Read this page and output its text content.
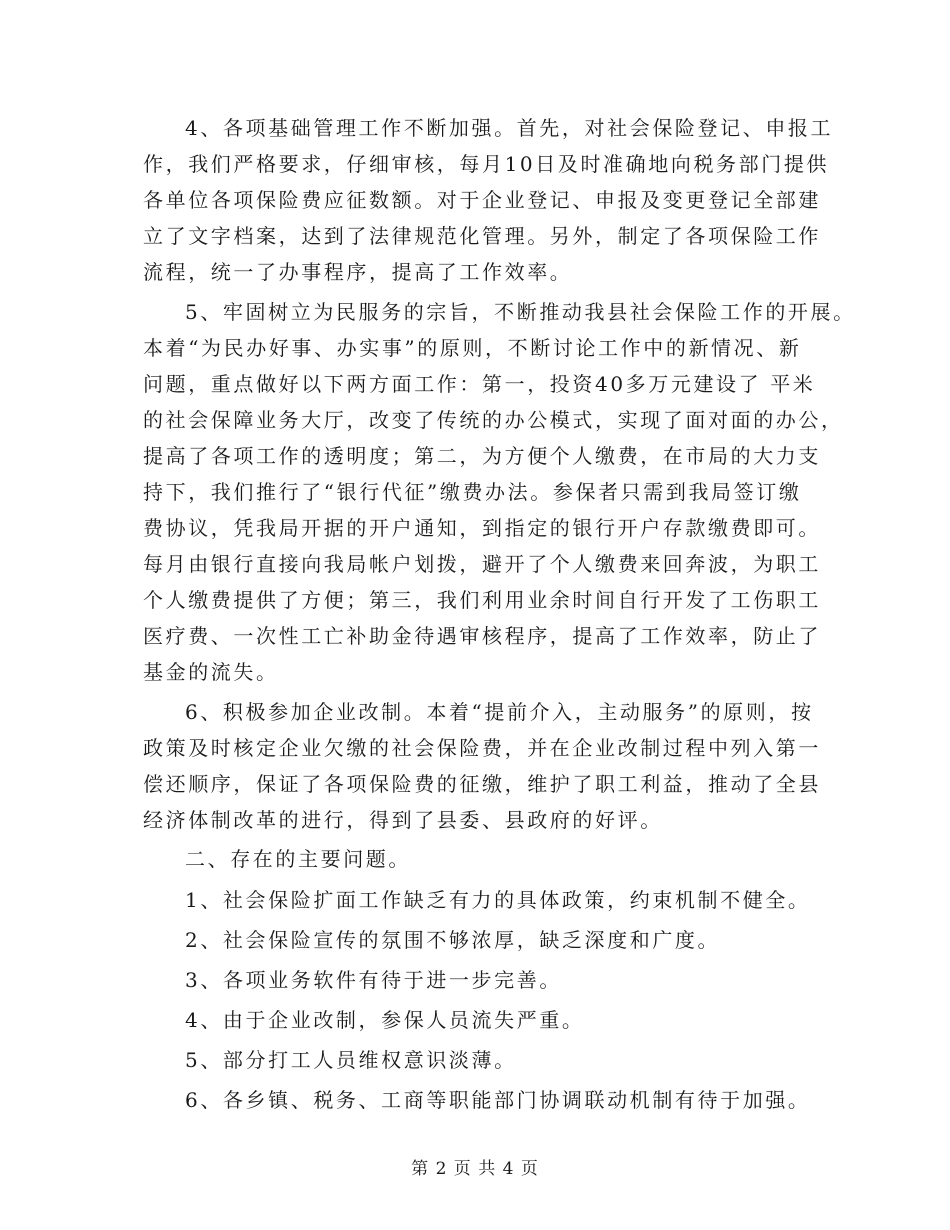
4、各项基础管理工作不断加强。首先，对社会保险登记、申报工
作，我们严格要求，仔细审核，每月10日及时准确地向税务部门提供
各单位各项保险费应征数额。对于企业登记、申报及变更登记全部建
立了文字档案，达到了法律规范化管理。另外，制定了各项保险工作
流程，统一了办事程序，提高了工作效率。
5、牢固树立为民服务的宗旨，不断推动我县社会保险工作的开展。
本着“为民办好事、办实事”的原则，不断讨论工作中的新情况、新
问题，重点做好以下两方面工作：第一，投资40多万元建设了 平米
的社会保障业务大厅，改变了传统的办公模式，实现了面对面的办公，
提高了各项工作的透明度；第二，为方便个人缴费，在市局的大力支
持下，我们推行了“银行代征”缴费办法。参保者只需到我局签订缴
费协议，凭我局开据的开户通知，到指定的银行开户存款缴费即可。
每月由银行直接向我局帐户划拨，避开了个人缴费来回奔波，为职工
个人缴费提供了方便；第三，我们利用业余时间自行开发了工伤职工
医疗费、一次性工亡补助金待遇审核程序，提高了工作效率，防止了
基金的流失。
6、积极参加企业改制。本着“提前介入，主动服务”的原则，按
政策及时核定企业欠缴的社会保险费，并在企业改制过程中列入第一
偿还顺序，保证了各项保险费的征缴，维护了职工利益，推动了全县
经济体制改革的进行，得到了县委、县政府的好评。
二、存在的主要问题。
1、社会保险扩面工作缺乏有力的具体政策，约束机制不健全。
2、社会保险宣传的氛围不够浓厚，缺乏深度和广度。
3、各项业务软件有待于进一步完善。
4、由于企业改制，参保人员流失严重。
5、部分打工人员维权意识淡薄。
6、各乡镇、税务、工商等职能部门协调联动机制有待于加强。
第 2 页 共 4 页
